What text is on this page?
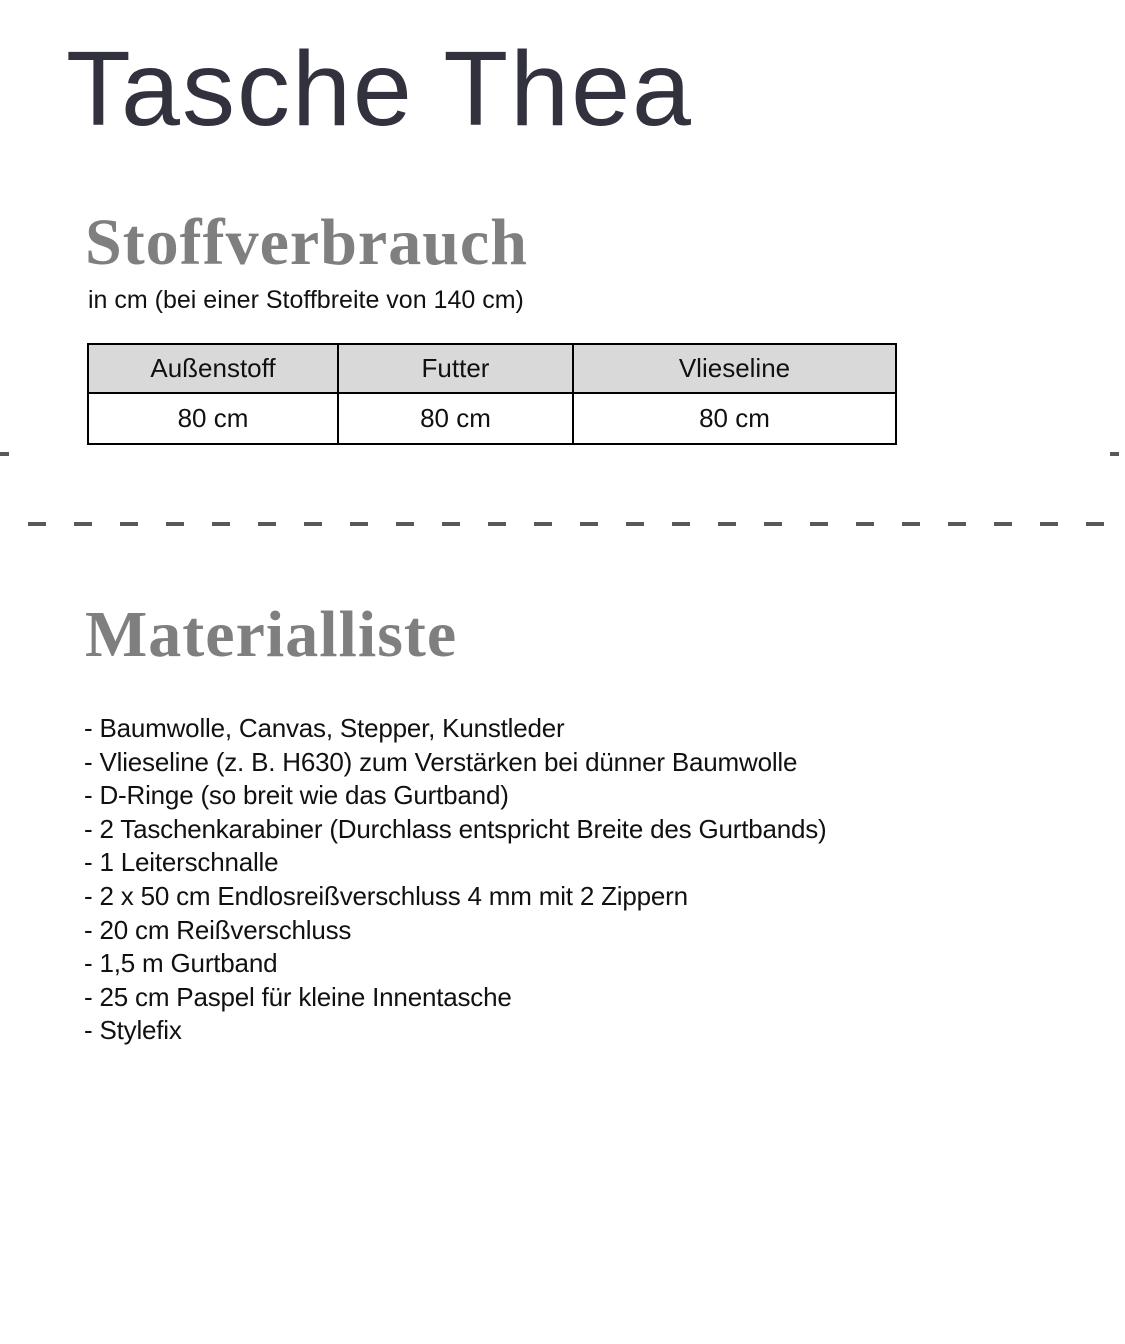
Tasche Thea
Stoffverbrauch
in cm (bei einer Stoffbreite von 140 cm)
Außenstoff	Futter	Vlieseline
80 cm	80 cm	80 cm
Materialliste
- Baumwolle, Canvas, Stepper, Kunstleder
- Vlieseline (z. B. H630) zum Verstärken bei dünner Baumwolle
- D-Ringe (so breit wie das Gurtband)
- 2 Taschenkarabiner (Durchlass entspricht Breite des Gurtbands)
- 1 Leiterschnalle
- 2 x 50 cm Endlosreißverschluss 4 mm mit 2 Zippern
- 20 cm Reißverschluss
- 1,5 m Gurtband
- 25 cm Paspel für kleine Innentasche
- Stylefix
